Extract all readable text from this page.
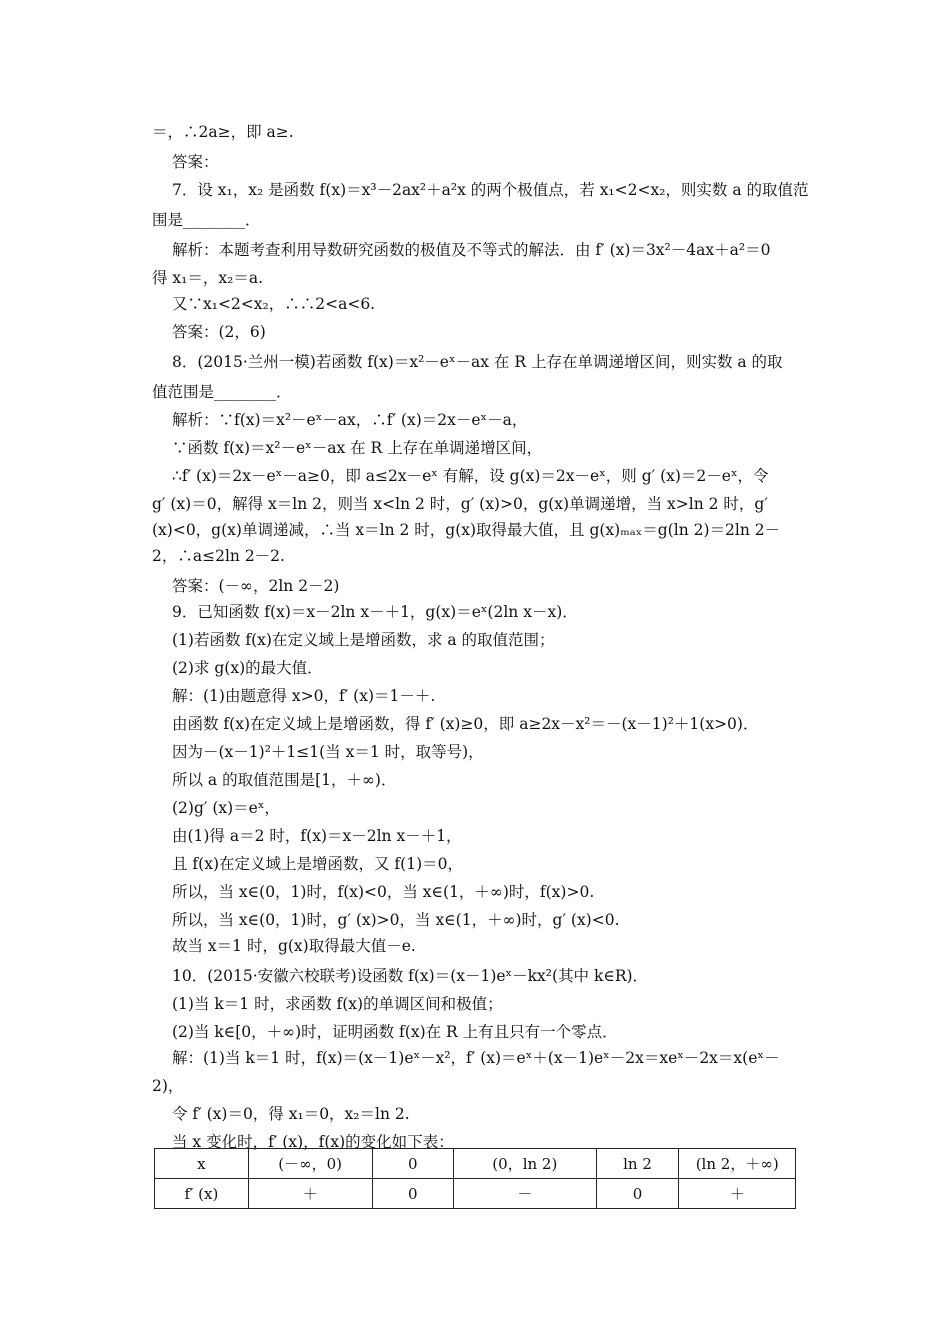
＝，∴2a≥，即 a≥.
答案：
7．设 x₁，x₂ 是函数 f(x)＝x³－2ax²＋a²x 的两个极值点，若 x₁<2<x₂，则实数 a 的取值范
围是________．
解析：本题考查利用导数研究函数的极值及不等式的解法．由 f′ (x)＝3x²－4ax＋a²＝0
得 x₁＝，x₂＝a.
又∵x₁<2<x₂，∴∴2<a<6.
答案：(2，6)
8．(2015·兰州一模)若函数 f(x)＝x²－eˣ－ax 在 R 上存在单调递增区间，则实数 a 的取
值范围是________．
解析：∵f(x)＝x²－eˣ－ax，∴f′ (x)＝2x－eˣ－a，
∵函数 f(x)＝x²－eˣ－ax 在 R 上存在单调递增区间，
∴f′ (x)＝2x－eˣ－a≥0，即 a≤2x－eˣ 有解，设 g(x)＝2x－eˣ，则 g′ (x)＝2－eˣ，令
g′ (x)＝0，解得 x＝ln 2，则当 x<ln 2 时，g′ (x)>0，g(x)单调递增，当 x>ln 2 时，g′
(x)<0，g(x)单调递减，∴当 x＝ln 2 时，g(x)取得最大值，且 g(x)ₘₐₓ＝g(ln 2)＝2ln 2－
2，∴a≤2ln 2－2.
答案：(－∞，2ln 2－2)
9．已知函数 f(x)＝x－2ln x－＋1，g(x)＝eˣ(2ln x－x)．
(1)若函数 f(x)在定义域上是增函数，求 a 的取值范围；
(2)求 g(x)的最大值．
解：(1)由题意得 x>0，f′ (x)＝1－＋.
由函数 f(x)在定义域上是增函数，得 f′ (x)≥0，即 a≥2x－x²＝－(x－1)²＋1(x>0)．
因为－(x－1)²＋1≤1(当 x＝1 时，取等号)，
所以 a 的取值范围是[1，＋∞)．
(2)g′ (x)＝eˣ，
由(1)得 a＝2 时，f(x)＝x－2ln x－＋1，
且 f(x)在定义域上是增函数，又 f(1)＝0，
所以，当 x∈(0，1)时，f(x)<0，当 x∈(1，＋∞)时，f(x)>0.
所以，当 x∈(0，1)时，g′ (x)>0，当 x∈(1，＋∞)时，g′ (x)<0.
故当 x＝1 时，g(x)取得最大值－e.
10．(2015·安徽六校联考)设函数 f(x)＝(x－1)eˣ－kx²(其中 k∈R)．
(1)当 k＝1 时，求函数 f(x)的单调区间和极值；
(2)当 k∈[0，＋∞)时，证明函数 f(x)在 R 上有且只有一个零点．
解：(1)当 k＝1 时，f(x)＝(x－1)eˣ－x²，f′ (x)＝eˣ＋(x－1)eˣ－2x＝xeˣ－2x＝x(eˣ－
2)，
令 f′ (x)＝0，得 x₁＝0，x₂＝ln 2.
当 x 变化时，f′ (x)，f(x)的变化如下表：
x	(－∞，0)	0	(0，ln 2)	ln 2	(ln 2，＋∞)
f′ (x)	＋	0	－	0	＋
